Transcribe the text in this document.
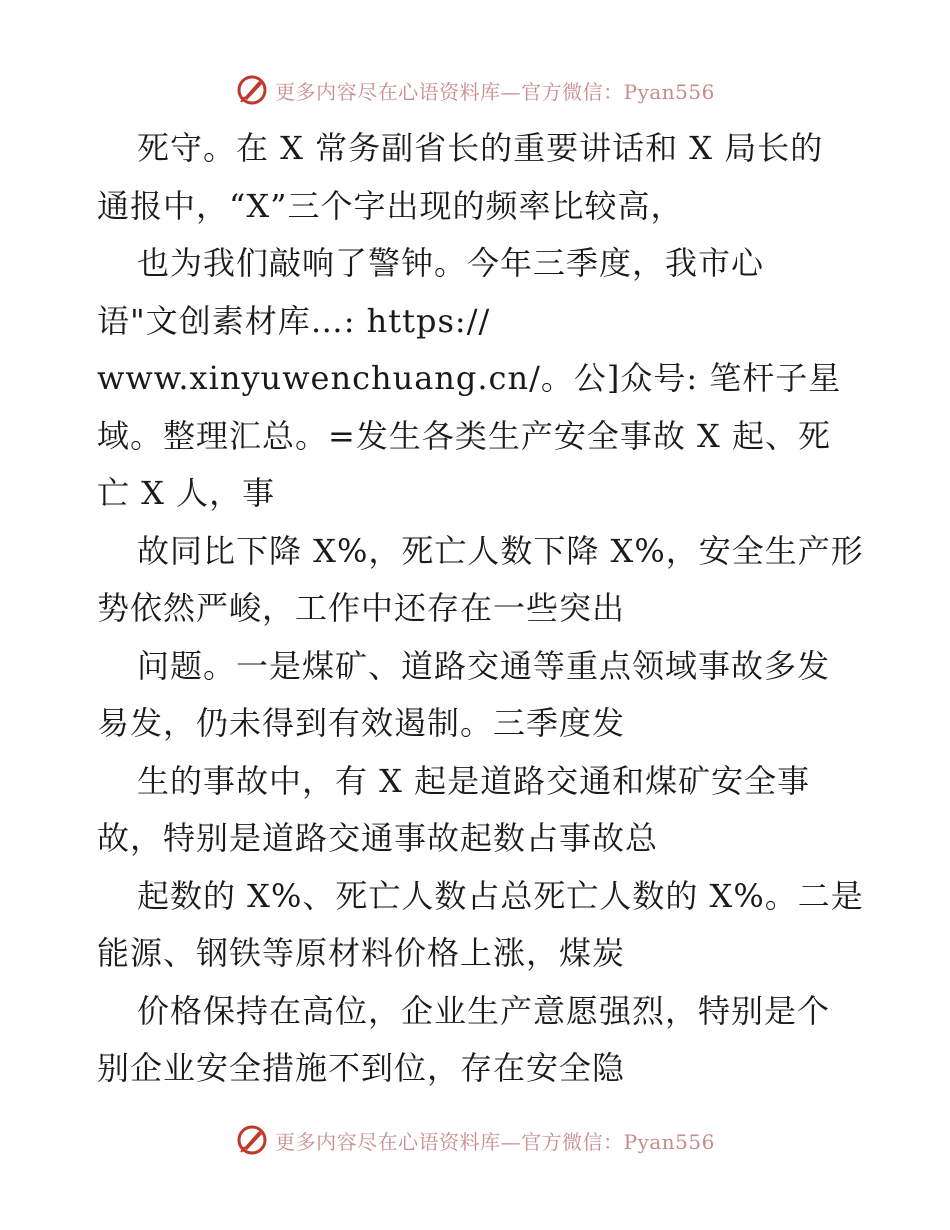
更多内容尽在心语资料库—官方微信：Pyan556
死守。在 X 常务副省长的重要讲话和 X 局长的
通报中，“X”三个字出现的频率比较高，
也为我们敲响了警钟。今年三季度，我市心
语"文创素材库…: https://
www.xinyuwenchuang.cn/。公]众号: 笔杆子星
域。整理汇总。=发生各类生产安全事故 X 起、死
亡 X 人，事
故同比下降 X%，死亡人数下降 X%，安全生产形
势依然严峻，工作中还存在一些突出
问题。一是煤矿、道路交通等重点领域事故多发
易发，仍未得到有效遏制。三季度发
生的事故中，有 X 起是道路交通和煤矿安全事
故，特别是道路交通事故起数占事故总
起数的 X%、死亡人数占总死亡人数的 X%。二是
能源、钢铁等原材料价格上涨，煤炭
价格保持在高位，企业生产意愿强烈，特别是个
别企业安全措施不到位，存在安全隐
更多内容尽在心语资料库—官方微信：Pyan556
